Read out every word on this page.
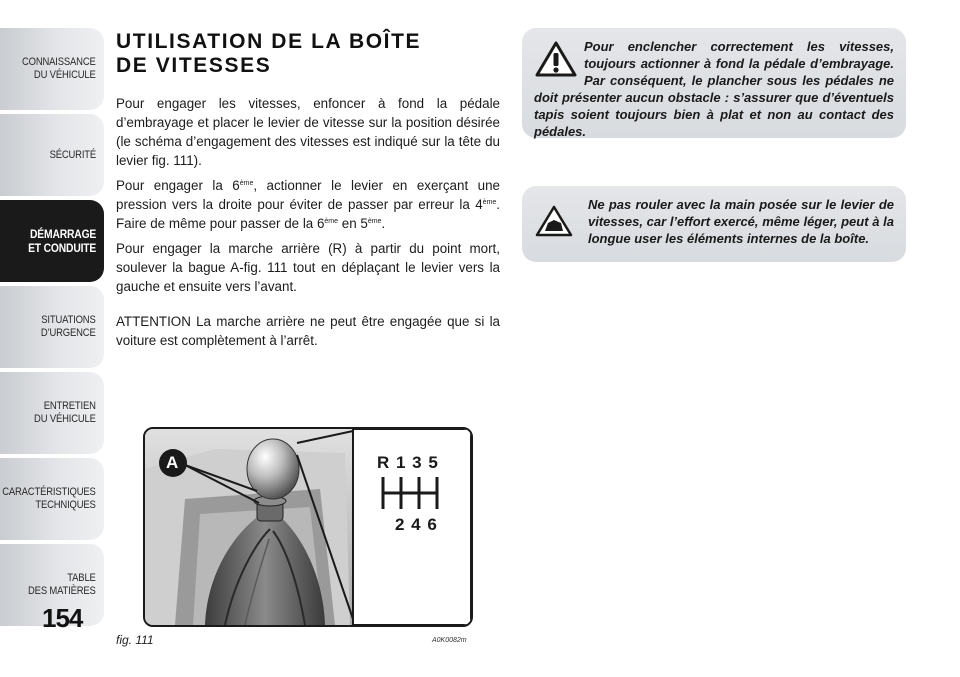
CONNAISSANCE
DU VÉHICULE
SÉCURITÉ
DÉMARRAGE
ET CONDUITE
SITUATIONS
D’URGENCE
ENTRETIEN
DU VÉHICULE
CARACTÉRISTIQUES
TECHNIQUES
TABLE
DES MATIÈRES
154
UTILISATION DE LA BOÎTE
DE VITESSES

Pour engager les vitesses, enfoncer à fond la pédale d’embrayage et placer le levier de vitesse sur la position désirée (le schéma d’engagement des vitesses est indiqué sur la tête du levier fig. 111).

Pour engager la 6ème, actionner le levier en exerçant une pression vers la droite pour éviter de passer par erreur la 4ème. Faire de même pour passer de la 6ème en 5ème.

Pour engager la marche arrière (R) à partir du point mort, soulever la bague A-fig. 111 tout en déplaçant le levier vers la gauche et ensuite vers l’avant.

ATTENTION La marche arrière ne peut être engagée que si la voiture est complètement à l’arrêt.

A	R 1 3 5
2 4 6
fig. 111	A0K0082m
Pour enclencher correctement les vitesses, toujours actionner à fond la pédale d’embrayage. Par conséquent, le plancher sous les pédales ne doit présenter aucun obstacle : s’assurer que d’éventuels tapis soient toujours bien à plat et non au contact des pédales.
Ne pas rouler avec la main posée sur le levier de vitesses, car l’effort exercé, même léger, peut à la longue user les éléments internes de la boîte.
